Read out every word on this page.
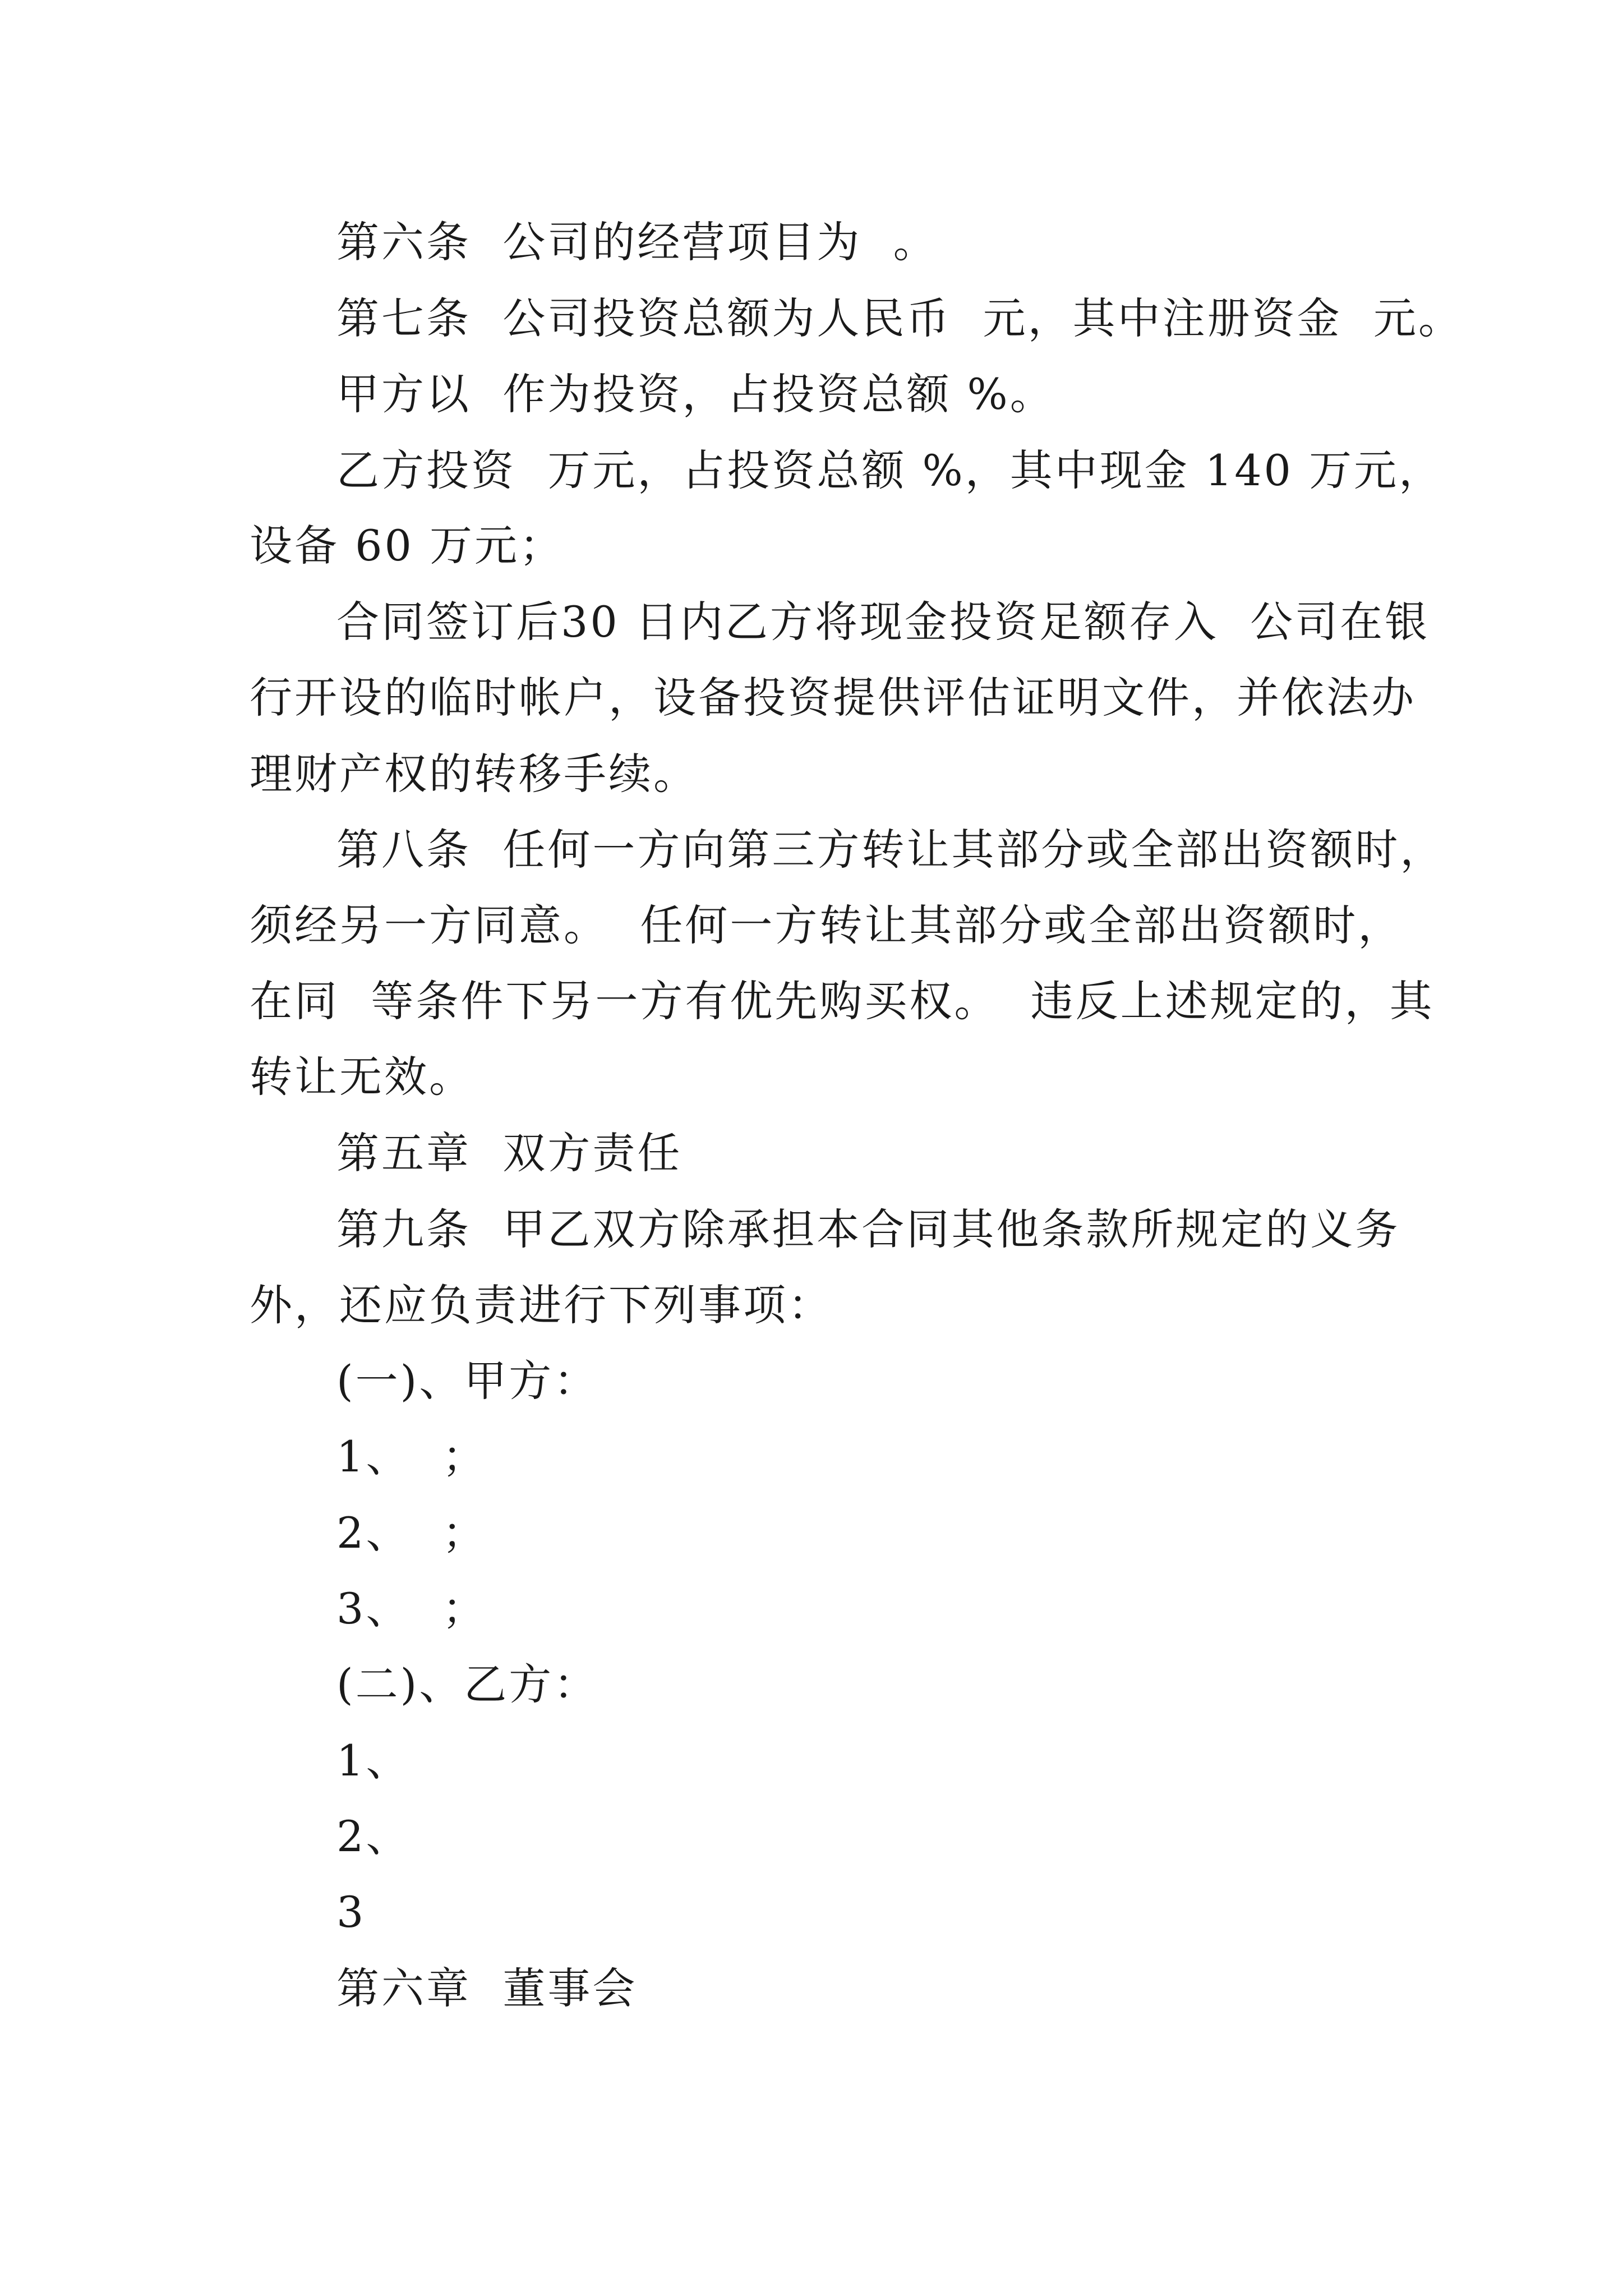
第六条  公司的经营项目为  。

第七条  公司投资总额为人民币  元，其中注册资金  元。

甲方以  作为投资，占投资总额 %。

乙方投资  万元，占投资总额 %，其中现金 140 万元，

设备 60 万元；

合同签订后30 日内乙方将现金投资足额存入  公司在银

行开设的临时帐户，设备投资提供评估证明文件，并依法办

理财产权的转移手续。

第八条  任何一方向第三方转让其部分或全部出资额时，

须经另一方同意。  任何一方转让其部分或全部出资额时，

在同  等条件下另一方有优先购买权。  违反上述规定的，其

转让无效。

第五章  双方责任

第九条  甲乙双方除承担本合同其他条款所规定的义务

外，还应负责进行下列事项：

(一)、甲方：

1、  ；

2、  ；

3、  ；

(二)、乙方：

1、

2、

3

第六章  董事会
